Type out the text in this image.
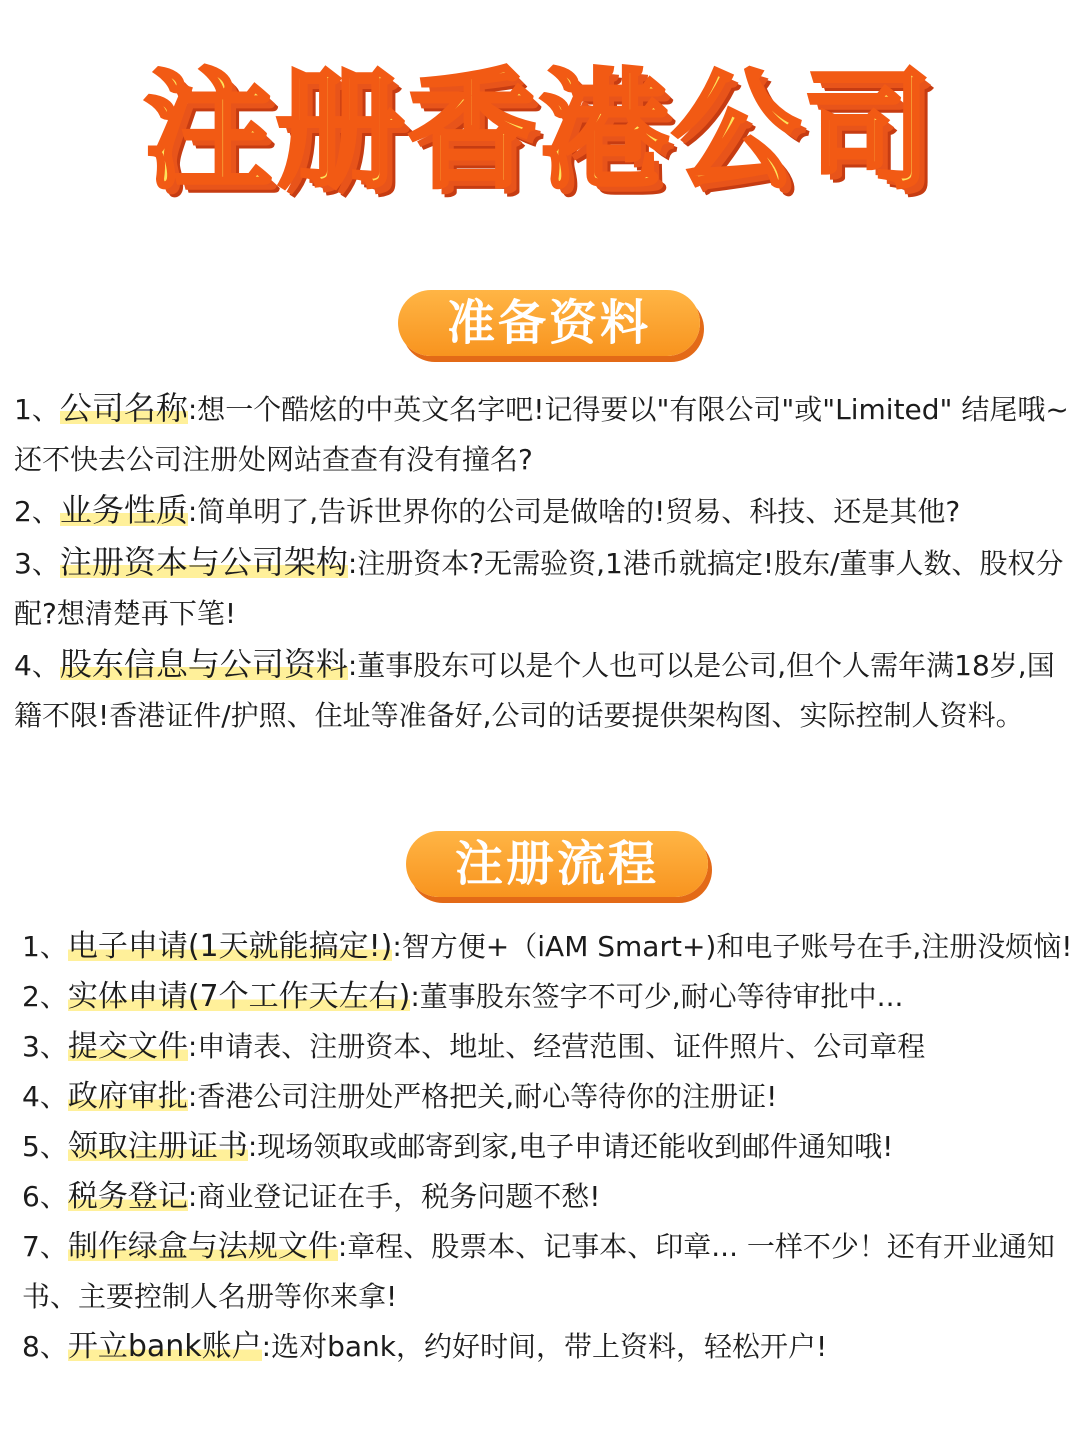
注册香港公司
准备资料

1、公司名称:想一个酷炫的中英文名字吧!记得要以"有限公司"或"Limited" 结尾哦~ 还不快去公司注册处网站查查有没有撞名?

2、业务性质:简单明了,告诉世界你的公司是做啥的!贸易、科技、还是其他?

3、注册资本与公司架构:注册资本?无需验资,1港币就搞定!股东/董事人数、股权分配?想清楚再下笔!

4、股东信息与公司资料:董事股东可以是个人也可以是公司,但个人需年满18岁,国籍不限!香港证件/护照、住址等准备好,公司的话要提供架构图、实际控制人资料。

注册流程

1、电子申请(1天就能搞定!):智方便+（iAM Smart+)和电子账号在手,注册没烦恼!

2、实体申请(7个工作天左右):董事股东签字不可少,耐心等待审批中...

3、提交文件:申请表、注册资本、地址、经营范围、证件照片、公司章程

4、政府审批:香港公司注册处严格把关,耐心等待你的注册证!

5、领取注册证书:现场领取或邮寄到家,电子申请还能收到邮件通知哦!

6、税务登记:商业登记证在手，税务问题不愁!

7、制作绿盒与法规文件:章程、股票本、记事本、印章... 一样不少！还有开业通知书、主要控制人名册等你来拿!

8、开立bank账户:选对bank，约好时间，带上资料，轻松开户!
